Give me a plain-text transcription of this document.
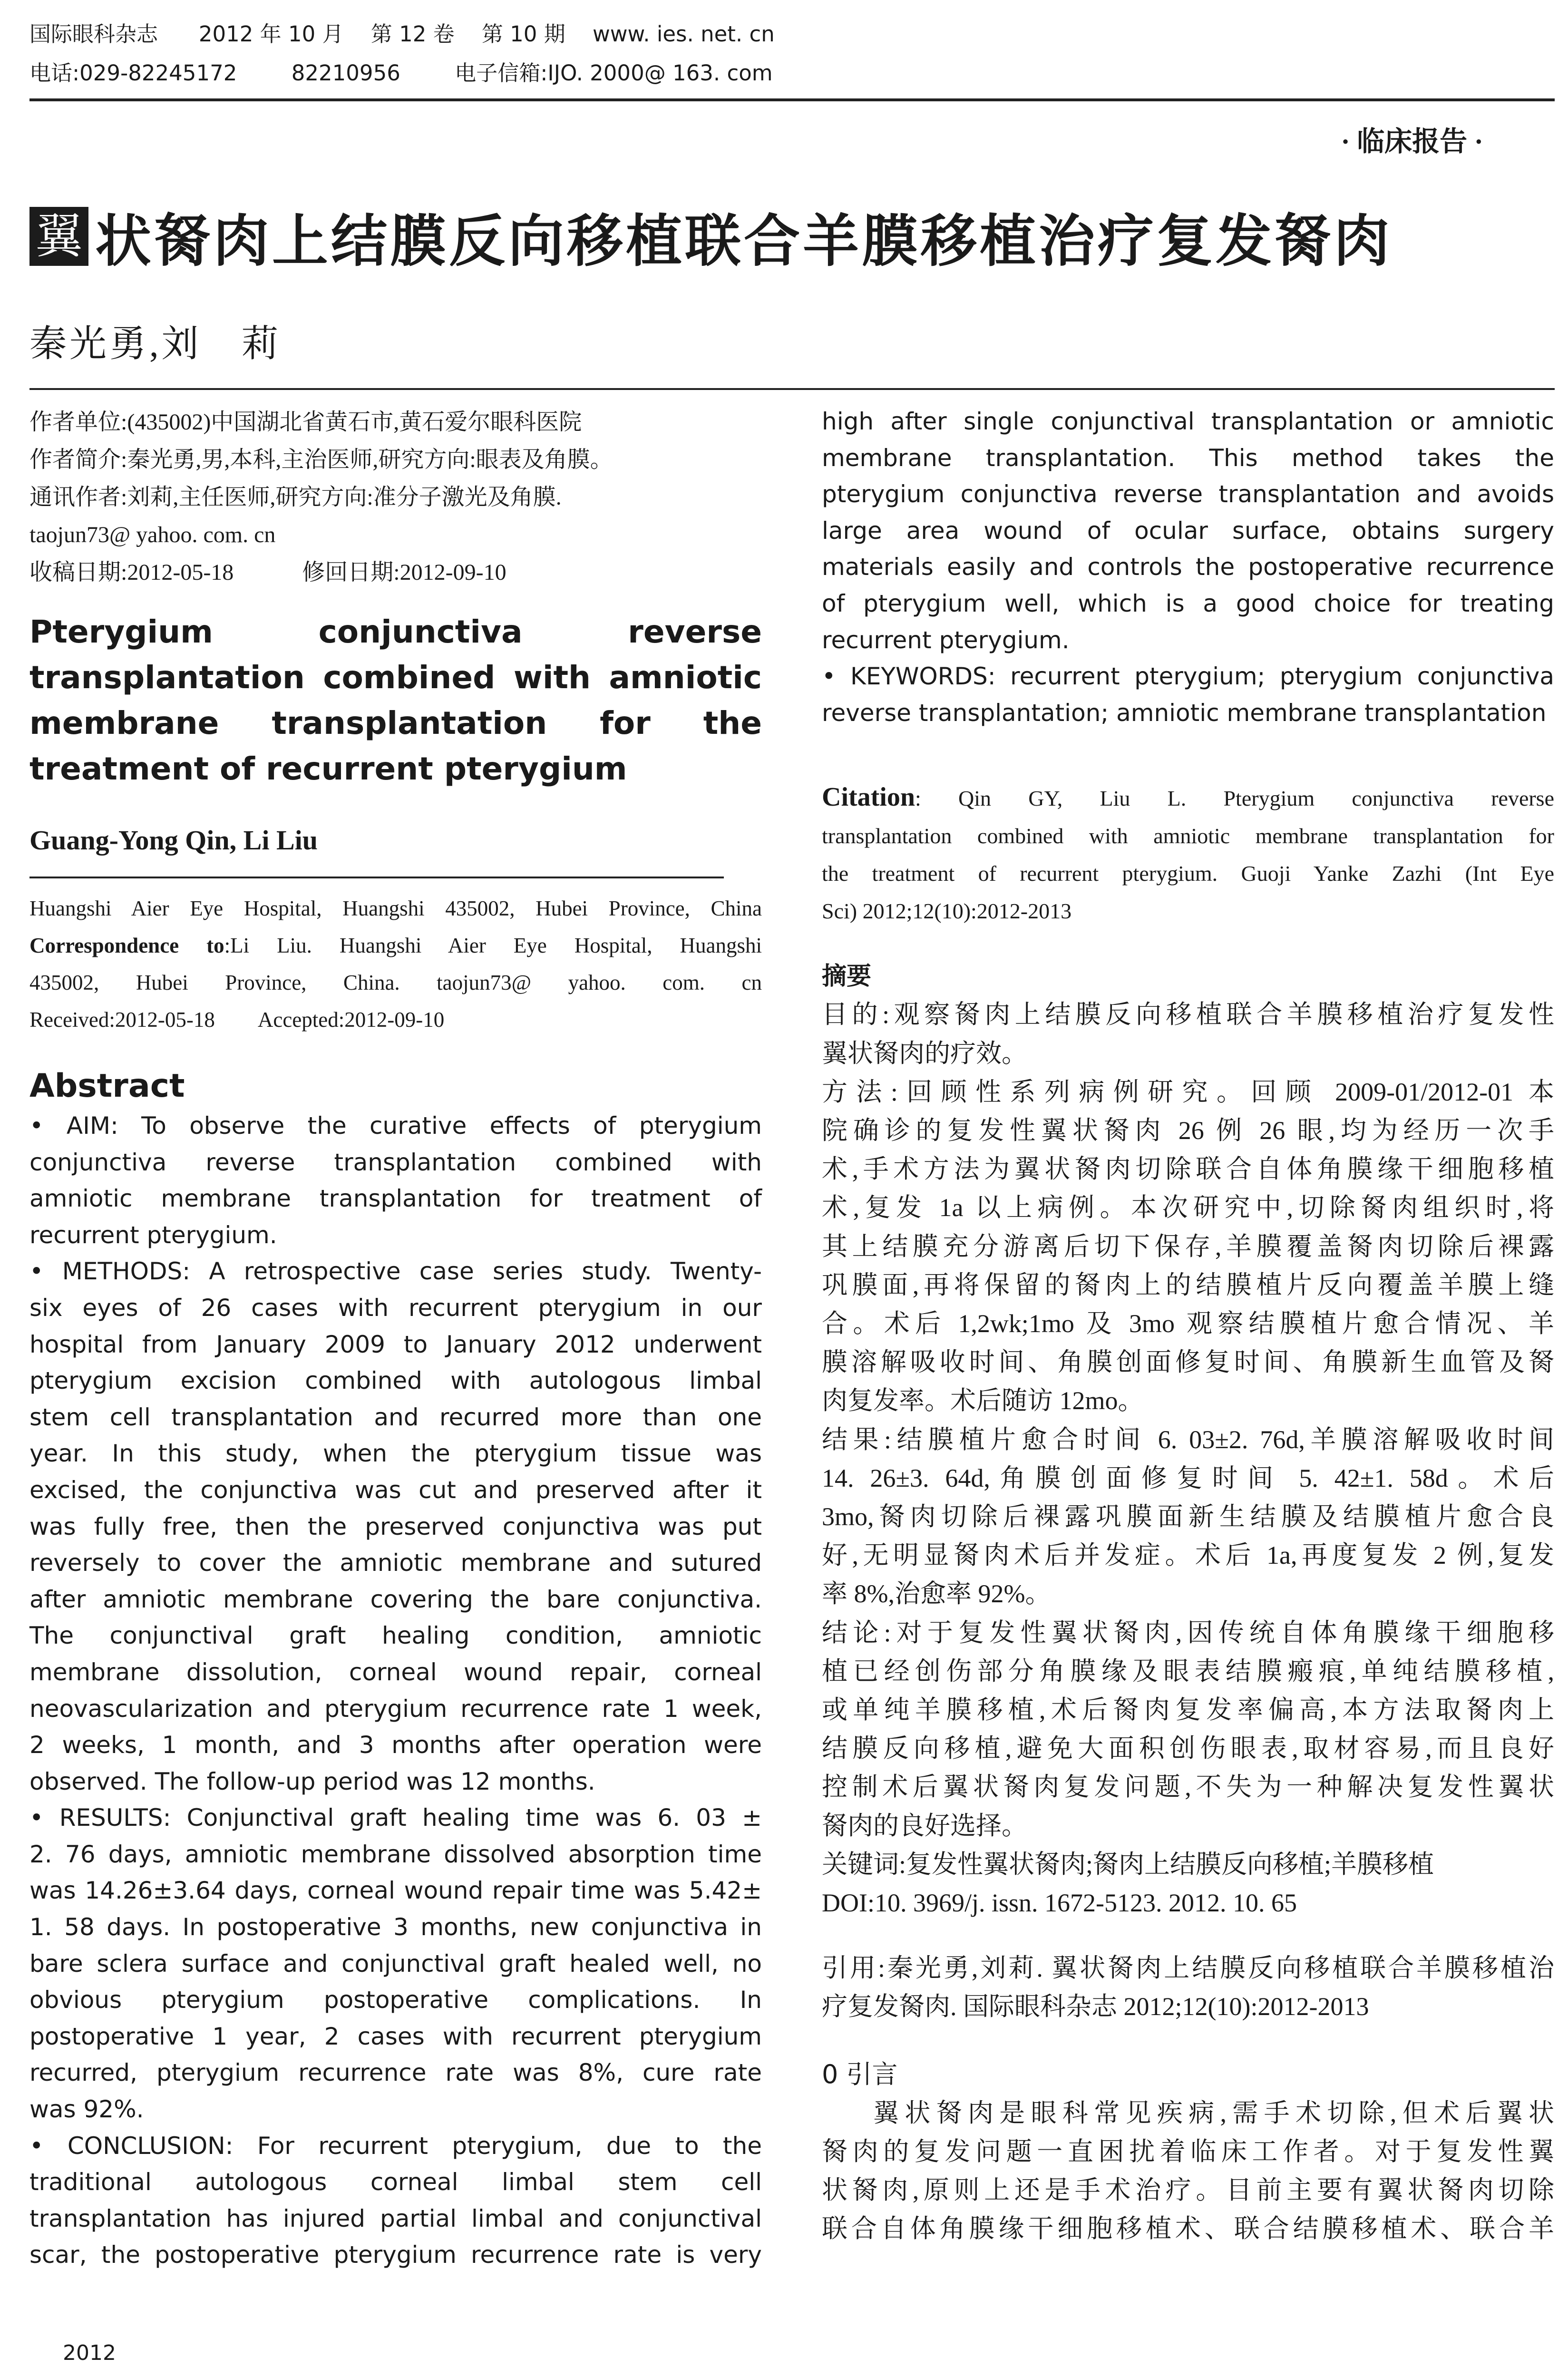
国际眼科杂志 2012 年 10 月 第 12 卷 第 10 期 www. ies. net. cn
电话:029-82245172	82210956	电子信箱:IJO. 2000@ 163. com
· 临床报告 ·
翼 状胬肉上结膜反向移植联合羊膜移植治疗复发胬肉
秦光勇,刘　莉
作者单位:(435002)中国湖北省黄石市,黄石爱尔眼科医院
作者简介:秦光勇,男,本科,主治医师,研究方向:眼表及角膜。
通讯作者:刘莉,主任医师,研究方向:准分子激光及角膜.
taojun73@ yahoo. com. cn
收稿日期:2012-05-18　　　修回日期:2012-09-10
Pterygium conjunctiva reverse
transplantation combined with amniotic
membrane transplantation for the
treatment of recurrent pterygium
Guang-Yong Qin, Li Liu
Huangshi Aier Eye Hospital, Huangshi 435002, Hubei Province, China
Correspondence to:Li Liu. Huangshi Aier Eye Hospital, Huangshi
435002, Hubei Province, China. taojun73@ yahoo. com. cn
Received:2012-05-18　　Accepted:2012-09-10
Abstract
• AIM: To observe the curative effects of pterygium
conjunctiva reverse transplantation combined with
amniotic membrane transplantation for treatment of
recurrent pterygium.
• METHODS: A retrospective case series study. Twenty-
six eyes of 26 cases with recurrent pterygium in our
hospital from January 2009 to January 2012 underwent
pterygium excision combined with autologous limbal
stem cell transplantation and recurred more than one
year. In this study, when the pterygium tissue was
excised, the conjunctiva was cut and preserved after it
was fully free, then the preserved conjunctiva was put
reversely to cover the amniotic membrane and sutured
after amniotic membrane covering the bare conjunctiva.
The conjunctival graft healing condition, amniotic
membrane dissolution, corneal wound repair, corneal
neovascularization and pterygium recurrence rate 1 week,
2 weeks, 1 month, and 3 months after operation were
observed. The follow-up period was 12 months.
• RESULTS: Conjunctival graft healing time was 6. 03 ±
2. 76 days, amniotic membrane dissolved absorption time
was 14.26±3.64 days, corneal wound repair time was 5.42±
1. 58 days. In postoperative 3 months, new conjunctiva in
bare sclera surface and conjunctival graft healed well, no
obvious pterygium postoperative complications. In
postoperative 1 year, 2 cases with recurrent pterygium
recurred, pterygium recurrence rate was 8%, cure rate
was 92%.
• CONCLUSION: For recurrent pterygium, due to the
traditional autologous corneal limbal stem cell
transplantation has injured partial limbal and conjunctival
scar, the postoperative pterygium recurrence rate is very
high after single conjunctival transplantation or amniotic
membrane transplantation. This method takes the
pterygium conjunctiva reverse transplantation and avoids
large area wound of ocular surface, obtains surgery
materials easily and controls the postoperative recurrence
of pterygium well, which is a good choice for treating
recurrent pterygium.
• KEYWORDS: recurrent pterygium; pterygium conjunctiva
reverse transplantation; amniotic membrane transplantation
Citation: Qin GY, Liu L. Pterygium conjunctiva reverse
transplantation combined with amniotic membrane transplantation for
the treatment of recurrent pterygium. Guoji Yanke Zazhi (Int Eye
Sci) 2012;12(10):2012-2013
摘要
目的:观察胬肉上结膜反向移植联合羊膜移植治疗复发性
翼状胬肉的疗效。
方法:回顾性系列病例研究。回顾 2009-01/2012-01 本
院确诊的复发性翼状胬肉 26 例 26 眼,均为经历一次手
术,手术方法为翼状胬肉切除联合自体角膜缘干细胞移植
术,复发 1a 以上病例。本次研究中,切除胬肉组织时,将
其上结膜充分游离后切下保存,羊膜覆盖胬肉切除后裸露
巩膜面,再将保留的胬肉上的结膜植片反向覆盖羊膜上缝
合。术后 1,2wk;1mo 及 3mo 观察结膜植片愈合情况、羊
膜溶解吸收时间、角膜创面修复时间、角膜新生血管及胬
肉复发率。术后随访 12mo。
结果:结膜植片愈合时间 6. 03±2. 76d,羊膜溶解吸收时间
14. 26±3. 64d,角膜创面修复时间 5. 42±1. 58d。术后
3mo,胬肉切除后裸露巩膜面新生结膜及结膜植片愈合良
好,无明显胬肉术后并发症。术后 1a,再度复发 2 例,复发
率 8%,治愈率 92%。
结论:对于复发性翼状胬肉,因传统自体角膜缘干细胞移
植已经创伤部分角膜缘及眼表结膜瘢痕,单纯结膜移植,
或单纯羊膜移植,术后胬肉复发率偏高,本方法取胬肉上
结膜反向移植,避免大面积创伤眼表,取材容易,而且良好
控制术后翼状胬肉复发问题,不失为一种解决复发性翼状
胬肉的良好选择。
关键词:复发性翼状胬肉;胬肉上结膜反向移植;羊膜移植
DOI:10. 3969/j. issn. 1672-5123. 2012. 10. 65
引用:秦光勇,刘莉. 翼状胬肉上结膜反向移植联合羊膜移植治
疗复发胬肉. 国际眼科杂志 2012;12(10):2012-2013
0 引言
翼状胬肉是眼科常见疾病,需手术切除,但术后翼状
胬肉的复发问题一直困扰着临床工作者。对于复发性翼
状胬肉,原则上还是手术治疗。目前主要有翼状胬肉切除
联合自体角膜缘干细胞移植术、联合结膜移植术、联合羊
2012
